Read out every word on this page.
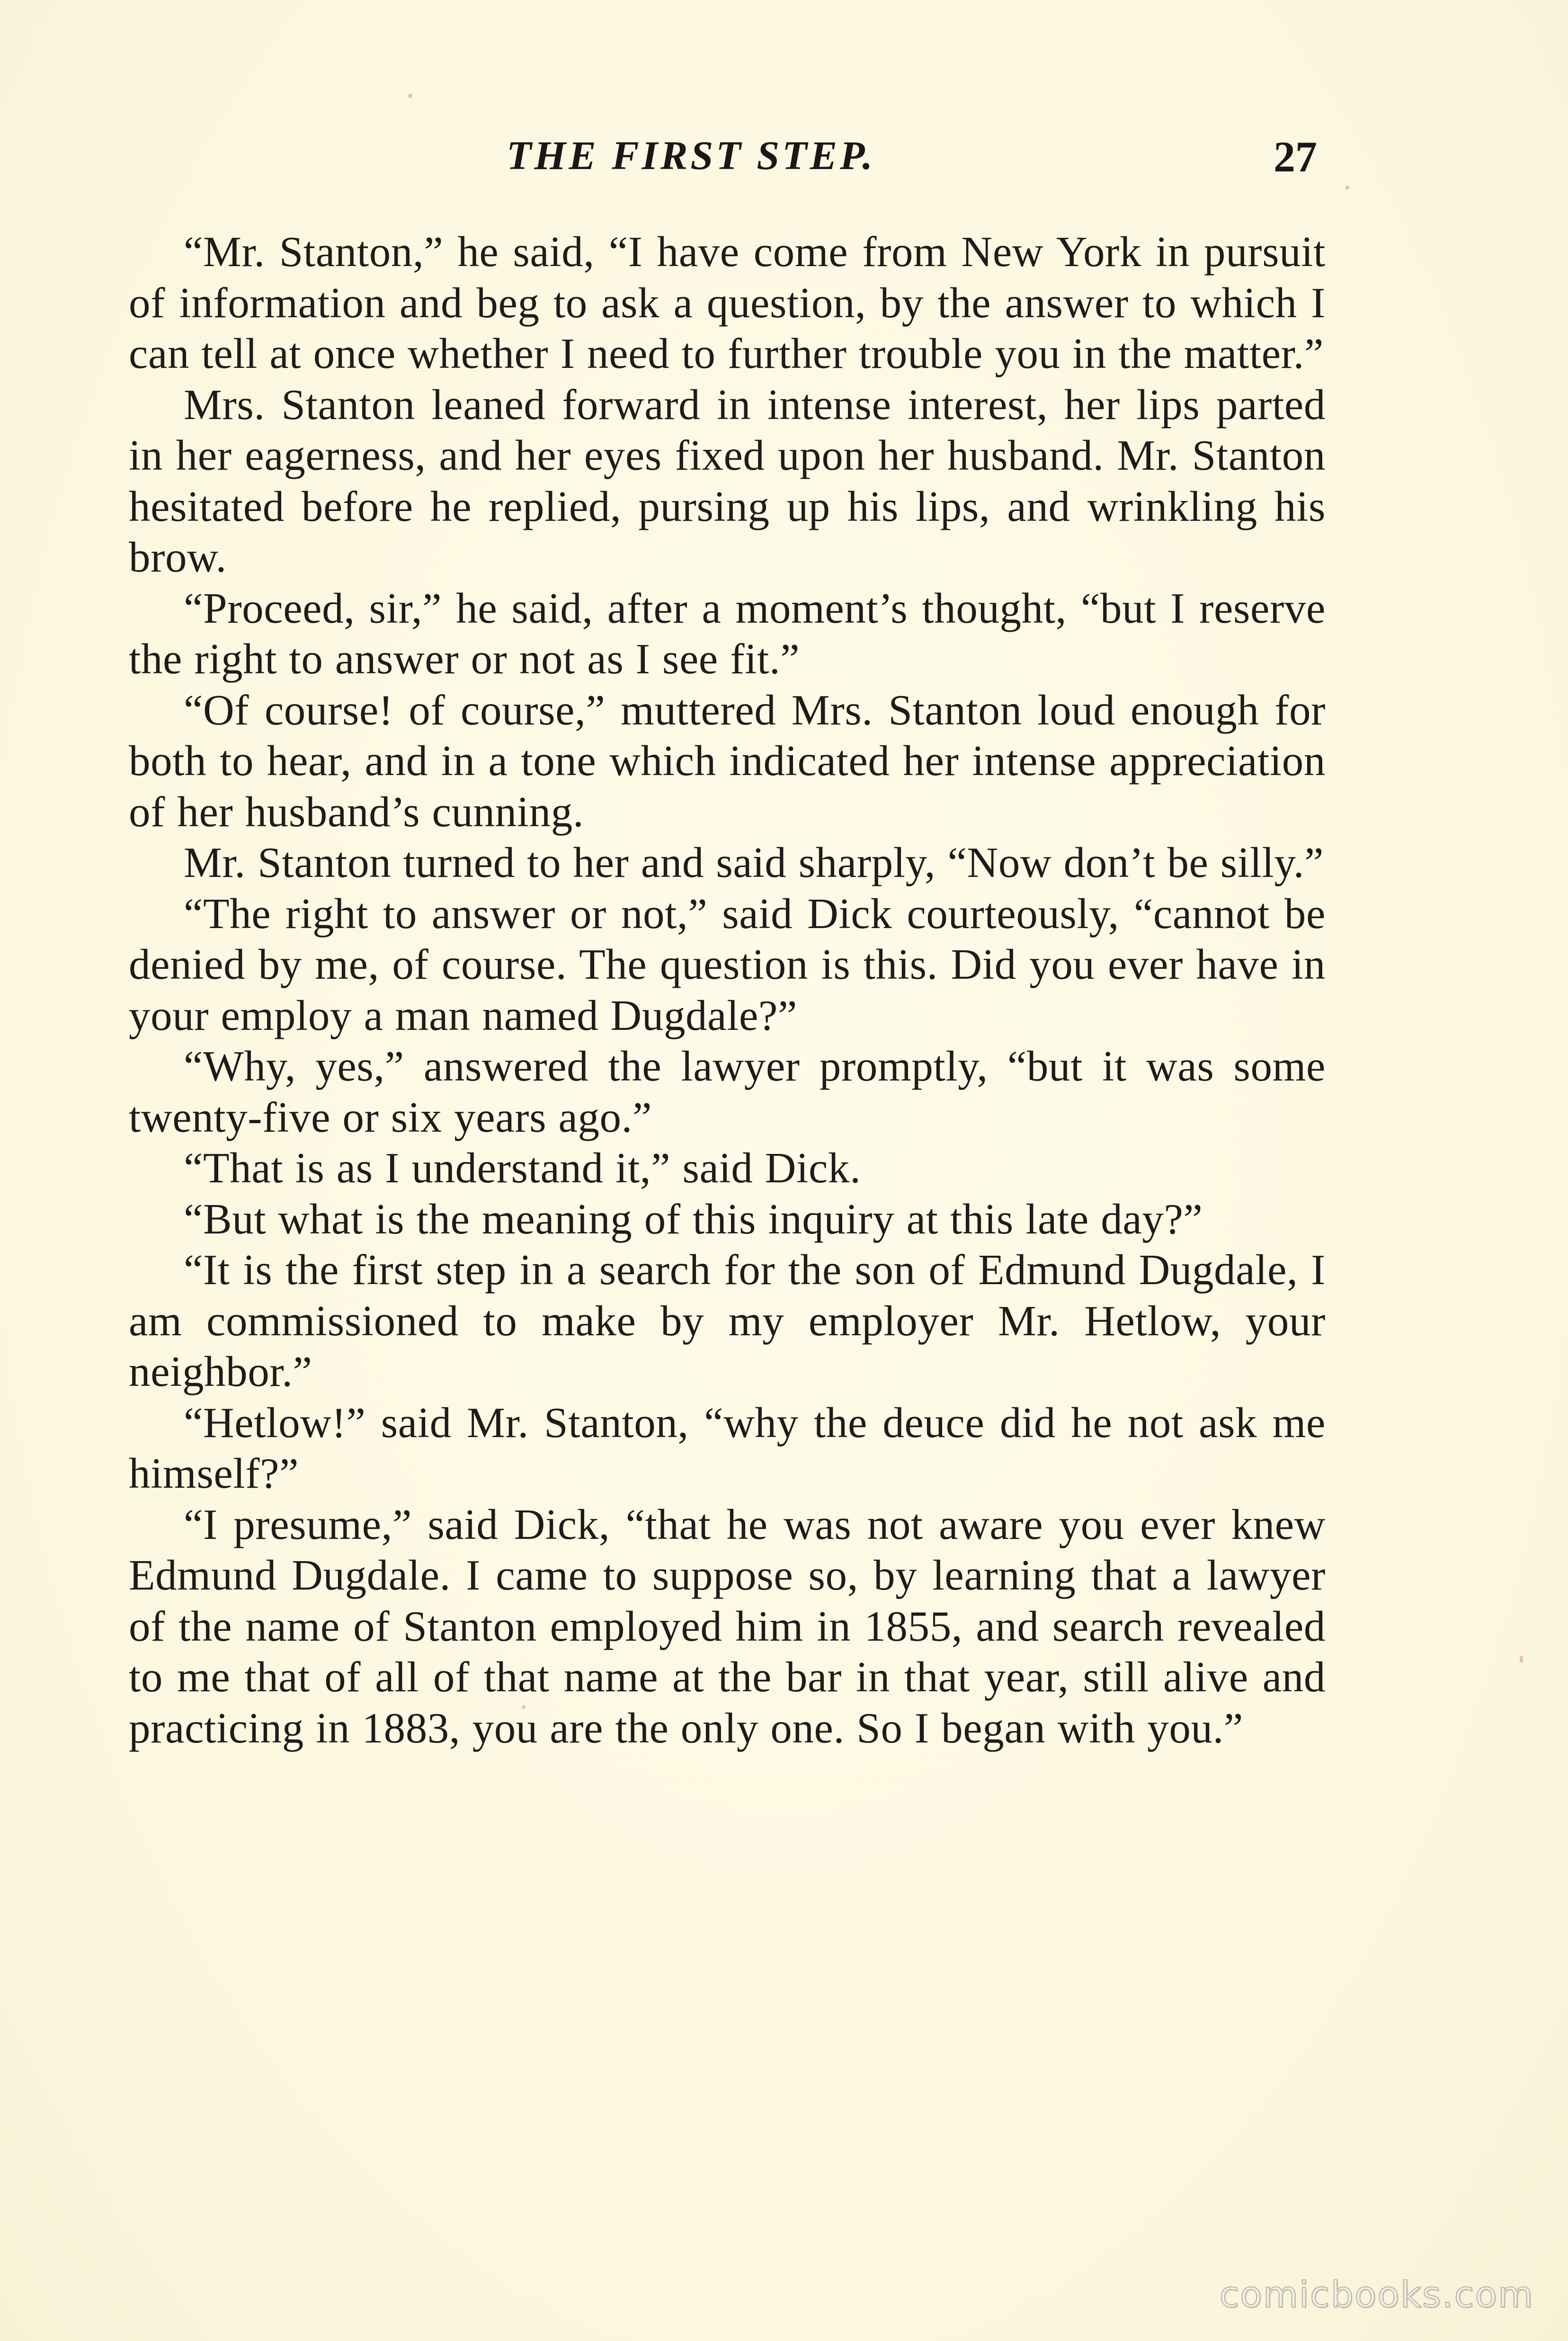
THE FIRST STEP.	27

“Mr. Stanton,” he said, “I have come from New York in pursuit of information and beg to ask a question, by the answer to which I can tell at once whether I need to further trouble you in the matter.”

Mrs. Stanton leaned forward in intense interest, her lips parted in her eagerness, and her eyes fixed upon her husband. Mr. Stanton hesitated before he replied, pursing up his lips, and wrinkling his brow.

“Proceed, sir,” he said, after a moment’s thought, “but I reserve the right to answer or not as I see fit.”

“Of course! of course,” muttered Mrs. Stanton loud enough for both to hear, and in a tone which indicated her intense appreciation of her husband’s cunning.

Mr. Stanton turned to her and said sharply, “Now don’t be silly.”

“The right to answer or not,” said Dick courteously, “cannot be denied by me, of course. The question is this. Did you ever have in your employ a man named Dugdale?”

“Why, yes,” answered the lawyer promptly, “but it was some twenty-five or six years ago.”

“That is as I understand it,” said Dick.

“But what is the meaning of this inquiry at this late day?”

“It is the first step in a search for the son of Edmund Dugdale, I am commissioned to make by my employer Mr. Hetlow, your neighbor.”

“Hetlow!” said Mr. Stanton, “why the deuce did he not ask me himself?”

“I presume,” said Dick, “that he was not aware you ever knew Edmund Dugdale. I came to suppose so, by learning that a lawyer of the name of Stanton employed him in 1855, and search revealed to me that of all of that name at the bar in that year, still alive and practicing in 1883, you are the only one. So I began with you.”

comicbooks.com
